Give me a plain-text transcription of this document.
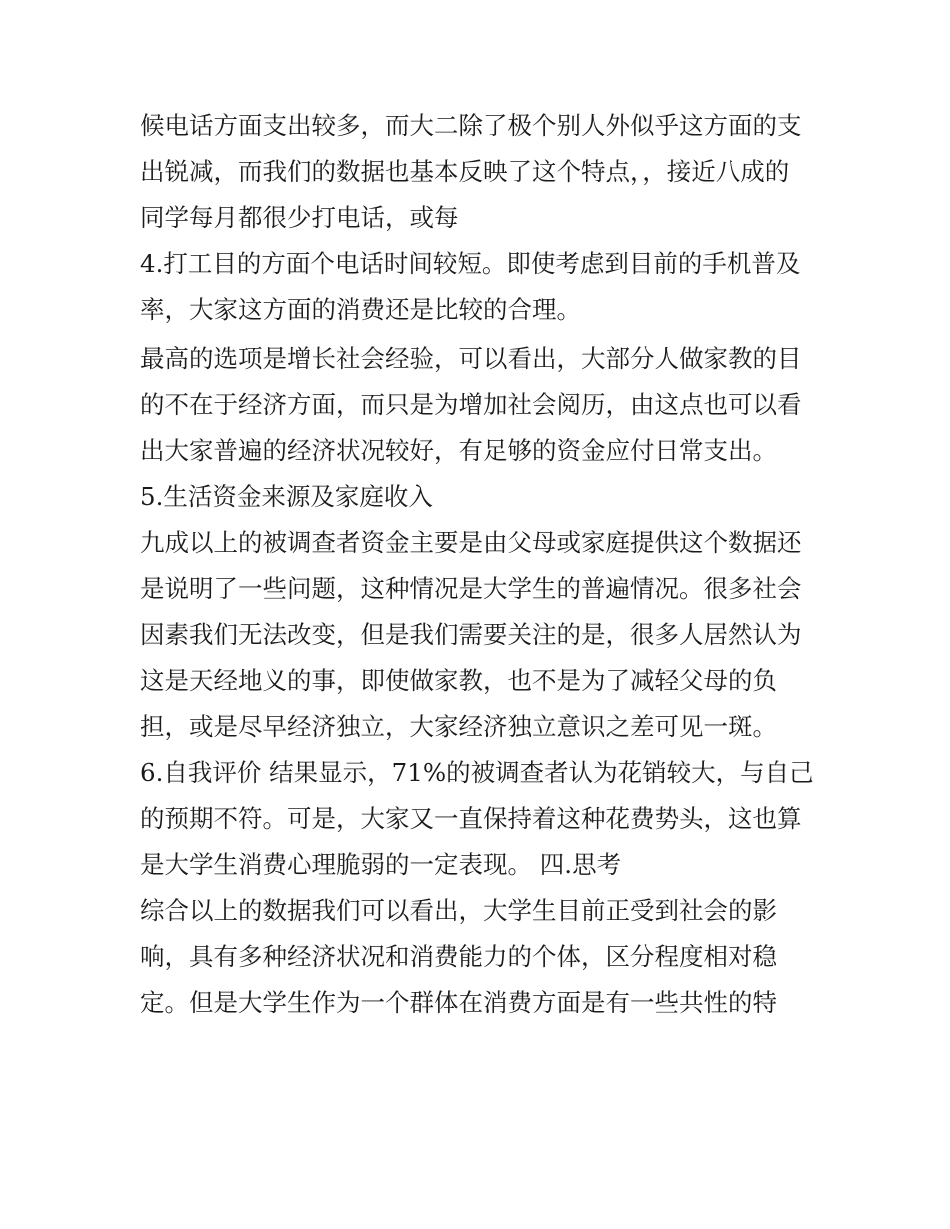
候电话方面支出较多，而大二除了极个别人外似乎这方面的支
出锐减，而我们的数据也基本反映了这个特点，，接近八成的
同学每月都很少打电话，或每
4.打工目的方面个电话时间较短。即使考虑到目前的手机普及
率，大家这方面的消费还是比较的合理。
最高的选项是增长社会经验，可以看出，大部分人做家教的目
的不在于经济方面，而只是为增加社会阅历，由这点也可以看
出大家普遍的经济状况较好，有足够的资金应付日常支出。
5.生活资金来源及家庭收入
九成以上的被调查者资金主要是由父母或家庭提供这个数据还
是说明了一些问题，这种情况是大学生的普遍情况。很多社会
因素我们无法改变，但是我们需要关注的是，很多人居然认为
这是天经地义的事，即使做家教，也不是为了减轻父母的负
担，或是尽早经济独立，大家经济独立意识之差可见一斑。
6.自我评价 结果显示，71%的被调查者认为花销较大，与自己
的预期不符。可是，大家又一直保持着这种花费势头，这也算
是大学生消费心理脆弱的一定表现。 四.思考
综合以上的数据我们可以看出，大学生目前正受到社会的影
响，具有多种经济状况和消费能力的个体，区分程度相对稳
定。但是大学生作为一个群体在消费方面是有一些共性的特
